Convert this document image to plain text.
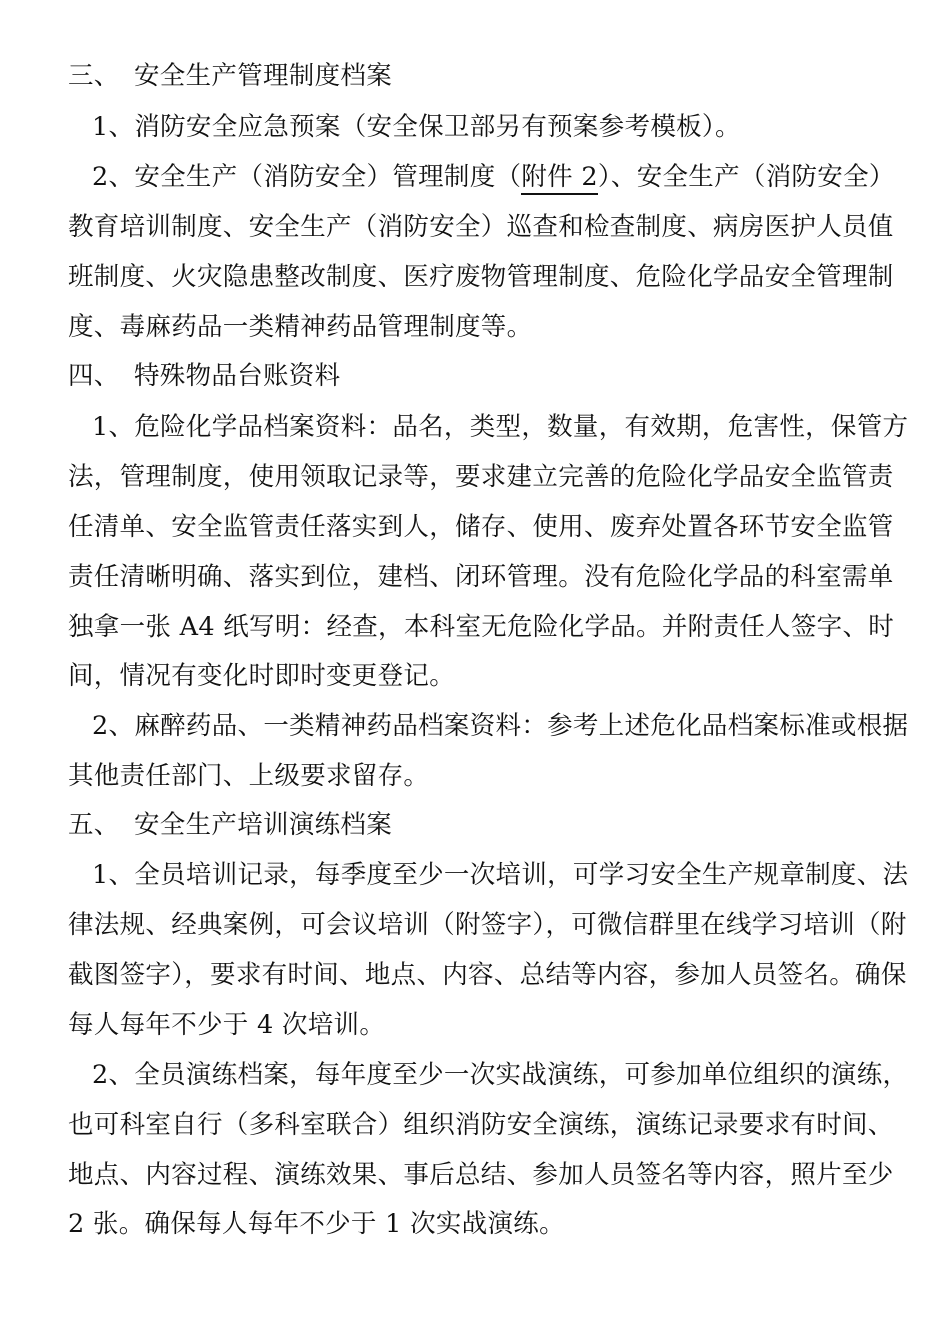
三、 安全生产管理制度档案
1、消防安全应急预案（安全保卫部另有预案参考模板）。
2、安全生产（消防安全）管理制度（附件 2）、安全生产（消防安全）
教育培训制度、安全生产（消防安全）巡查和检查制度、病房医护人员值
班制度、火灾隐患整改制度、医疗废物管理制度、危险化学品安全管理制
度、毒麻药品一类精神药品管理制度等。
四、 特殊物品台账资料
1、危险化学品档案资料：品名，类型，数量，有效期，危害性，保管方
法，管理制度，使用领取记录等，要求建立完善的危险化学品安全监管责
任清单、安全监管责任落实到人，储存、使用、废弃处置各环节安全监管
责任清晰明确、落实到位，建档、闭环管理。没有危险化学品的科室需单
独拿一张 A4 纸写明：经查，本科室无危险化学品。并附责任人签字、时
间，情况有变化时即时变更登记。
2、麻醉药品、一类精神药品档案资料：参考上述危化品档案标准或根据
其他责任部门、上级要求留存。
五、 安全生产培训演练档案
1、全员培训记录，每季度至少一次培训，可学习安全生产规章制度、法
律法规、经典案例，可会议培训（附签字），可微信群里在线学习培训（附
截图签字），要求有时间、地点、内容、总结等内容，参加人员签名。确保
每人每年不少于 4 次培训。
2、全员演练档案，每年度至少一次实战演练，可参加单位组织的演练，
也可科室自行（多科室联合）组织消防安全演练，演练记录要求有时间、
地点、内容过程、演练效果、事后总结、参加人员签名等内容，照片至少
2 张。确保每人每年不少于 1 次实战演练。
